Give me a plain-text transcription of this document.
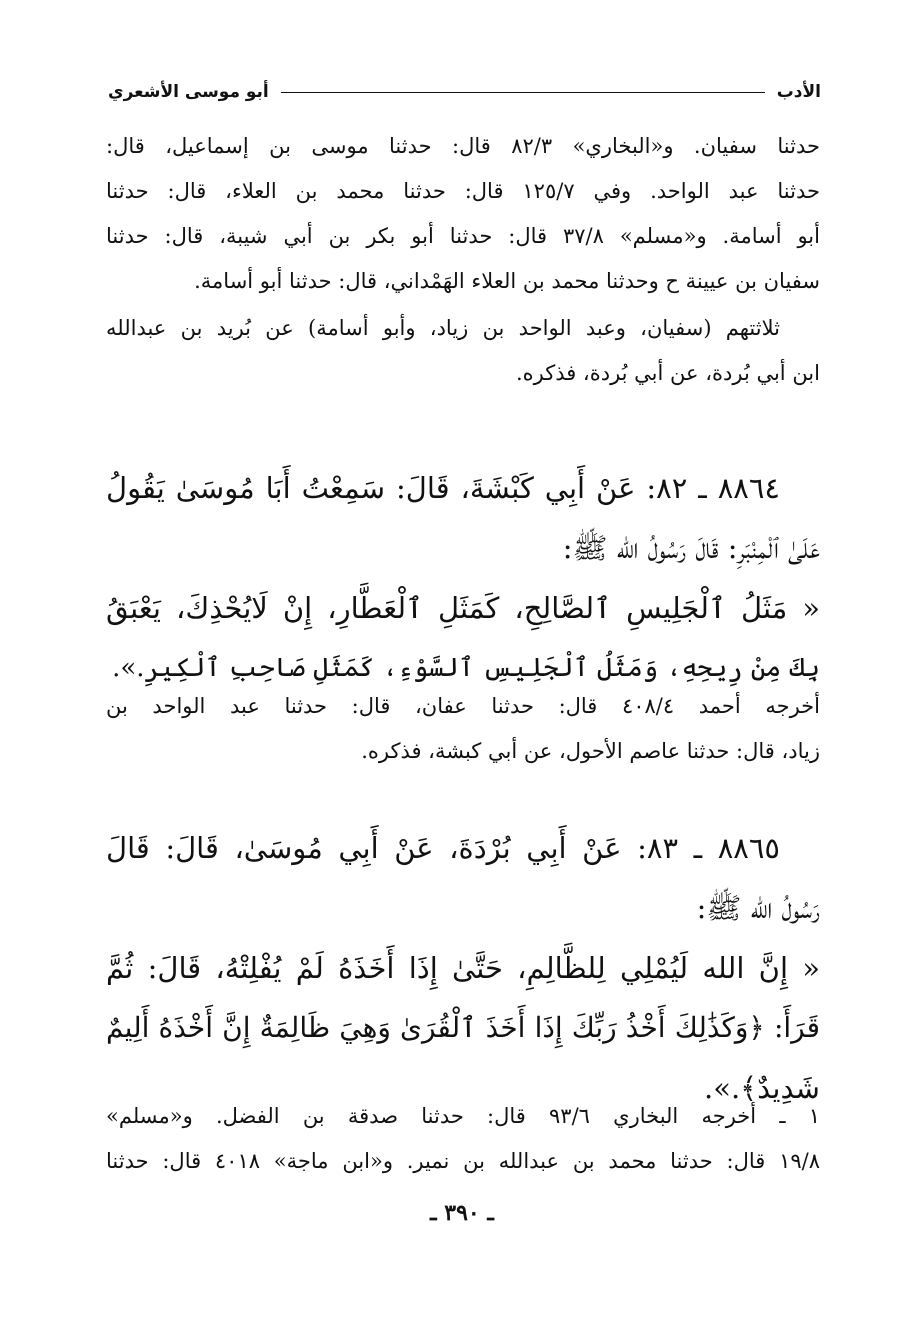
الأدب
أبو موسى الأشعري
حدثنا سفيان. و«البخاري» ٨٢/٣ قال: حدثنا موسى بن إسماعيل، قال:
حدثنا عبد الواحد. وفي ١٢٥/٧ قال: حدثنا محمد بن العلاء، قال: حدثنا
أبو أسامة. و«مسلم» ٣٧/٨ قال: حدثنا أبو بكر بن أبي شيبة، قال: حدثنا
سفيان بن عيينة ح وحدثنا محمد بن العلاء الهَمْداني، قال: حدثنا أبو أسامة.
ثلاثتهم (سفيان، وعبد الواحد بن زياد، وأبو أسامة) عن بُريد بن عبدالله
ابن أبي بُردة، عن أبي بُردة، فذكره.
٨٨٦٤ ـ ٨٢: عَنْ أَبِي كَبْشَةَ، قَالَ: سَمِعْتُ أَبَا مُوسَىٰ يَقُولُ
عَلَىٰ ٱلْمِنْبَرِ: قَالَ رَسُولُ الله ﷺ:
« مَثَلُ ٱلْجَلِيسِ ٱلصَّالِحِ، كَمَثَلِ ٱلْعَطَّارِ، إِنْ لَايُحْذِكَ، يَعْبَقُ
بِكَ مِنْ رِيحِهِ، وَمَثَلُ ٱلْجَلِيسِ ٱلسَّوْءِ، كَمَثَلِ صَاحِبِ ٱلْكِيرِ.».
أخرجه أحمد ٤٠٨/٤ قال: حدثنا عفان، قال: حدثنا عبد الواحد بن
زياد، قال: حدثنا عاصم الأحول، عن أبي كبشة، فذكره.
٨٨٦٥ ـ ٨٣: عَنْ أَبِي بُرْدَةَ، عَنْ أَبِي مُوسَىٰ، قَالَ: قَالَ
رَسُولُ الله ﷺ:
« إِنَّ الله لَيُمْلِي لِلظَّالِمِ، حَتَّىٰ إِذَا أَخَذَهُ لَمْ يُفْلِتْهُ، قَالَ: ثُمَّ
قَرَأَ: ﴿وَكَذَٰلِكَ أَخْذُ رَبِّكَ إِذَا أَخَذَ ٱلْقُرَىٰ وَهِيَ ظَالِمَةٌ إِنَّ أَخْذَهُ أَلِيمٌ
شَدِيدٌ﴾.».
١ ـ أخرجه البخاري ٩٣/٦ قال: حدثنا صدقة بن الفضل. و«مسلم»
١٩/٨ قال: حدثنا محمد بن عبدالله بن نمير. و«ابن ماجة» ٤٠١٨ قال: حدثنا
ـ ٣٩٠ ـ
